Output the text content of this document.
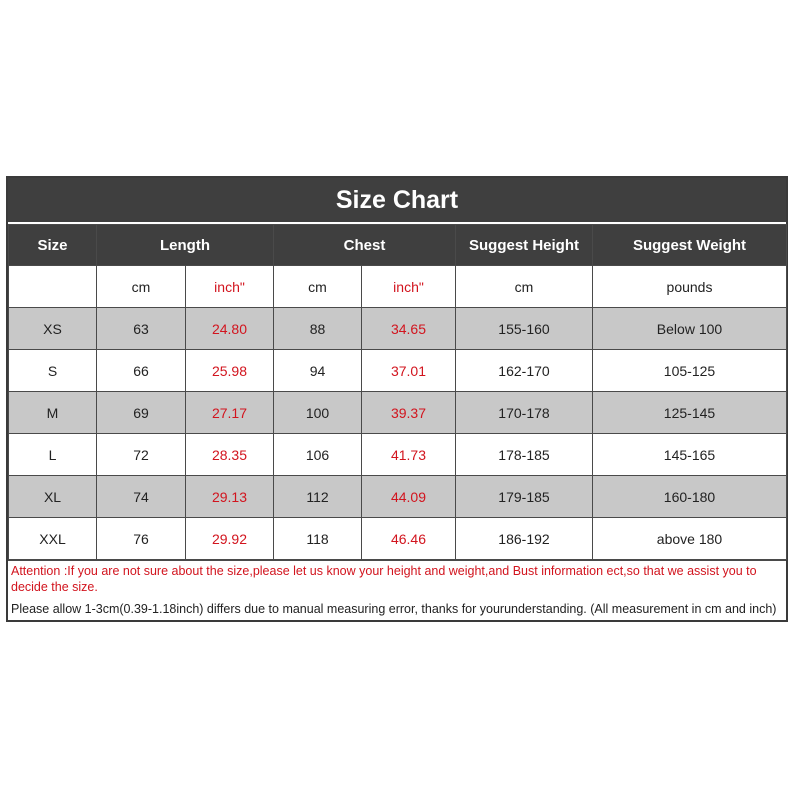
Size Chart
Size	Length		Chest		Suggest Height	Suggest Weight
	cm	inch"	cm	inch"	cm	pounds
XS	63	24.80	88	34.65	155-160	Below 100
S	66	25.98	94	37.01	162-170	105-125
M	69	27.17	100	39.37	170-178	125-145
L	72	28.35	106	41.73	178-185	145-165
XL	74	29.13	112	44.09	179-185	160-180
XXL	76	29.92	118	46.46	186-192	above 180
Attention :If you are not sure about the size,please let us know your height and weight,and Bust information ect,so that we assist you to decide the size.
Please allow 1-3cm(0.39-1.18inch) differs due to manual measuring error, thanks for yourunderstanding. (All measurement in cm and inch)
